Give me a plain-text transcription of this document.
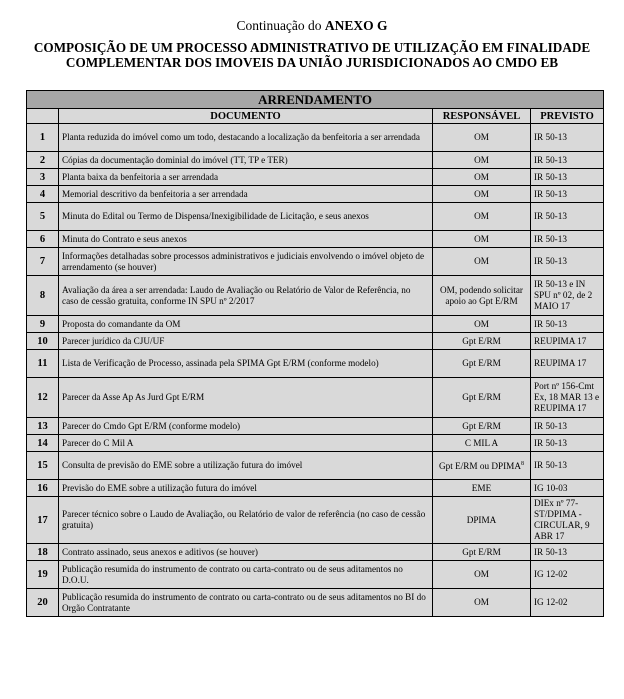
Continuação do ANEXO G
COMPOSIÇÃO DE UM PROCESSO ADMINISTRATIVO DE UTILIZAÇÃO EM FINALIDADE
COMPLEMENTAR DOS IMOVEIS DA UNIÃO JURISDICIONADOS AO CMDO EB
ARRENDAMENTO			
	DOCUMENTO	RESPONSÁVEL	PREVISTO
1	Planta reduzida do imóvel como um todo, destacando a localização da benfeitoria a ser arrendada	OM	IR 50-13
2	Cópias da documentação dominial do imóvel (TT, TP e TER)	OM	IR 50-13
3	Planta baixa da benfeitoria a ser arrendada	OM	IR 50-13
4	Memorial descritivo da benfeitoria a ser arrendada	OM	IR 50-13
5	Minuta do Edital ou Termo de Dispensa/Inexigibilidade de Licitação, e seus anexos	OM	IR 50-13
6	Minuta do Contrato e seus anexos	OM	IR 50-13
7	Informações detalhadas sobre processos administrativos e judiciais envolvendo o imóvel objeto de arrendamento (se houver)	OM	IR 50-13
8	Avaliação da área a ser arrendada: Laudo de Avaliação ou Relatório de Valor de Referência, no caso de cessão gratuita, conforme IN SPU nº 2/2017	OM, podendo solicitar apoio ao Gpt E/RM	IR 50-13 e IN SPU nº 02, de 2 MAIO 17
9	Proposta do comandante da OM	OM	IR 50-13
10	Parecer jurídico da CJU/UF	Gpt E/RM	REUPIMA 17
11	Lista de Verificação de Processo, assinada pela SPIMA Gpt E/RM (conforme modelo)	Gpt E/RM	REUPIMA 17
12	Parecer da Asse Ap As Jurd Gpt E/RM	Gpt E/RM	Port nº 156-Cmt Ex, 18 MAR 13 e REUPIMA 17
13	Parecer do Cmdo Gpt E/RM (conforme modelo)	Gpt E/RM	IR 50-13
14	Parecer do C Mil A	C MIL A	IR 50-13
15	Consulta de previsão do EME sobre a utilização futura do imóvel	Gpt E/RM ou DPIMA$^8$	IR 50-13
16	Previsão do EME sobre a utilização futura do imóvel	EME	IG 10-03
17	Parecer técnico sobre o Laudo de Avaliação, ou Relatório de valor de referência (no caso de cessão gratuita)	DPIMA	DIEx nº 77-ST/DPIMA - CIRCULAR, 9 ABR 17
18	Contrato assinado, seus anexos e aditivos (se houver)	Gpt E/RM	IR 50-13
19	Publicação resumida do instrumento de contrato ou carta-contrato ou de seus aditamentos no D.O.U.	OM	IG 12-02
20	Publicação resumida do instrumento de contrato ou carta-contrato ou de seus aditamentos no BI do Orgão Contratante	OM	IG 12-02
